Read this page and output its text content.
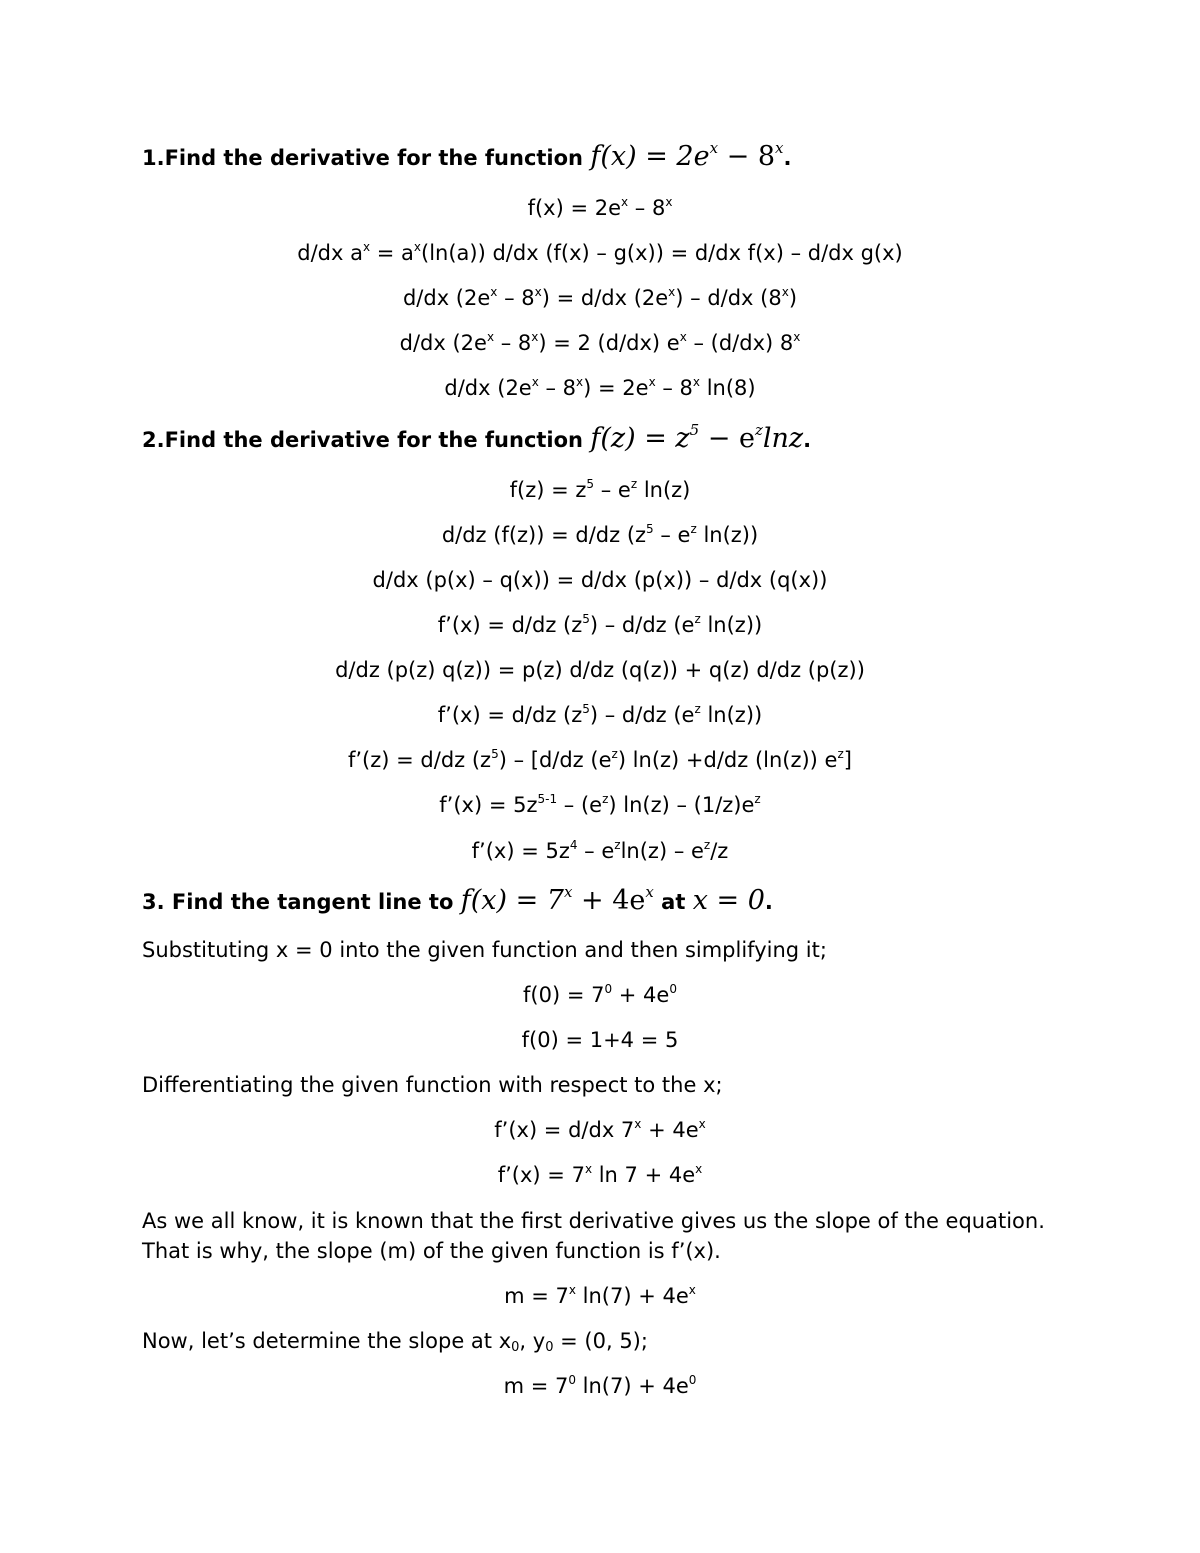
1.Find the derivative for the function $f(x) = 2e^x - 8^x$.
$f(x) = 2e^x - 8^x$
d/dx $a^x = a^x(\ln(a))$ d/dx (f(x) – g(x)) = d/dx f(x) – d/dx g(x)
d/dx $(2e^x - 8^x) = d/dx$ $(2e^x) - d/dx$ (8$^x$)
d/dx $(2e^x - 8^x) = 2$ (d/dx) $e^x - (d/dx)$ 8$^x$
d/dx $(2e^x - 8^x) = 2e^x - 8^x$ ln(8)
2.Find the derivative for the function $f(z) = z^5 - e^z\ln z$.
$f(z) = z^5 - e^z$ ln(z)
d/dz (f(z)) = d/dz ($z^5 - e^z$ ln(z))
d/dx (p(x) – q(x)) = d/dx (p(x)) – d/dx (q(x))
f’(x) = d/dz $(z^5) - d/dz$ ($e^z$ ln(z))
d/dz (p(z) q(z)) = p(z) d/dz (q(z)) + q(z) d/dz (p(z))
f’(x) = d/dz $(z^5) - d/dz$ ($e^z$ ln(z))
f’(z) = d/dz $(z^5) - [d/dz$ $(e^z)$ ln(z) +d/dz (ln(z)) $e^z$]
f’(x) = $5z^{5-1} - (e^z)$ $\ln(z) - (1/z)e^z$
f’(x) = $5z^4 - e^z\ln(z) - e^z/z$
3. Find the tangent line to $f(x) = 7^x + 4e^x$ at x = 0.
Substituting x = 0 into the given function and then simplifying it;
$f(0) = 7^0 + 4e^0$
f(0) = 1+4 = 5
Differentiating the given function with respect to the x;
f’(x) = d/dx $7^x + 4e^x$
f’(x) = $7^x$ $\ln 7 + 4e^x$
As we all know, it is known that the first derivative gives us the slope of the equation. That is why, the slope (m) of the given function is f’(x).
$m = 7^x$ $\ln(7) + 4e^x$
Now, let’s determine the slope at $x_0$, $y_0 = (0$, 5);
$m = 7^0$ $\ln(7) + 4e^0$
